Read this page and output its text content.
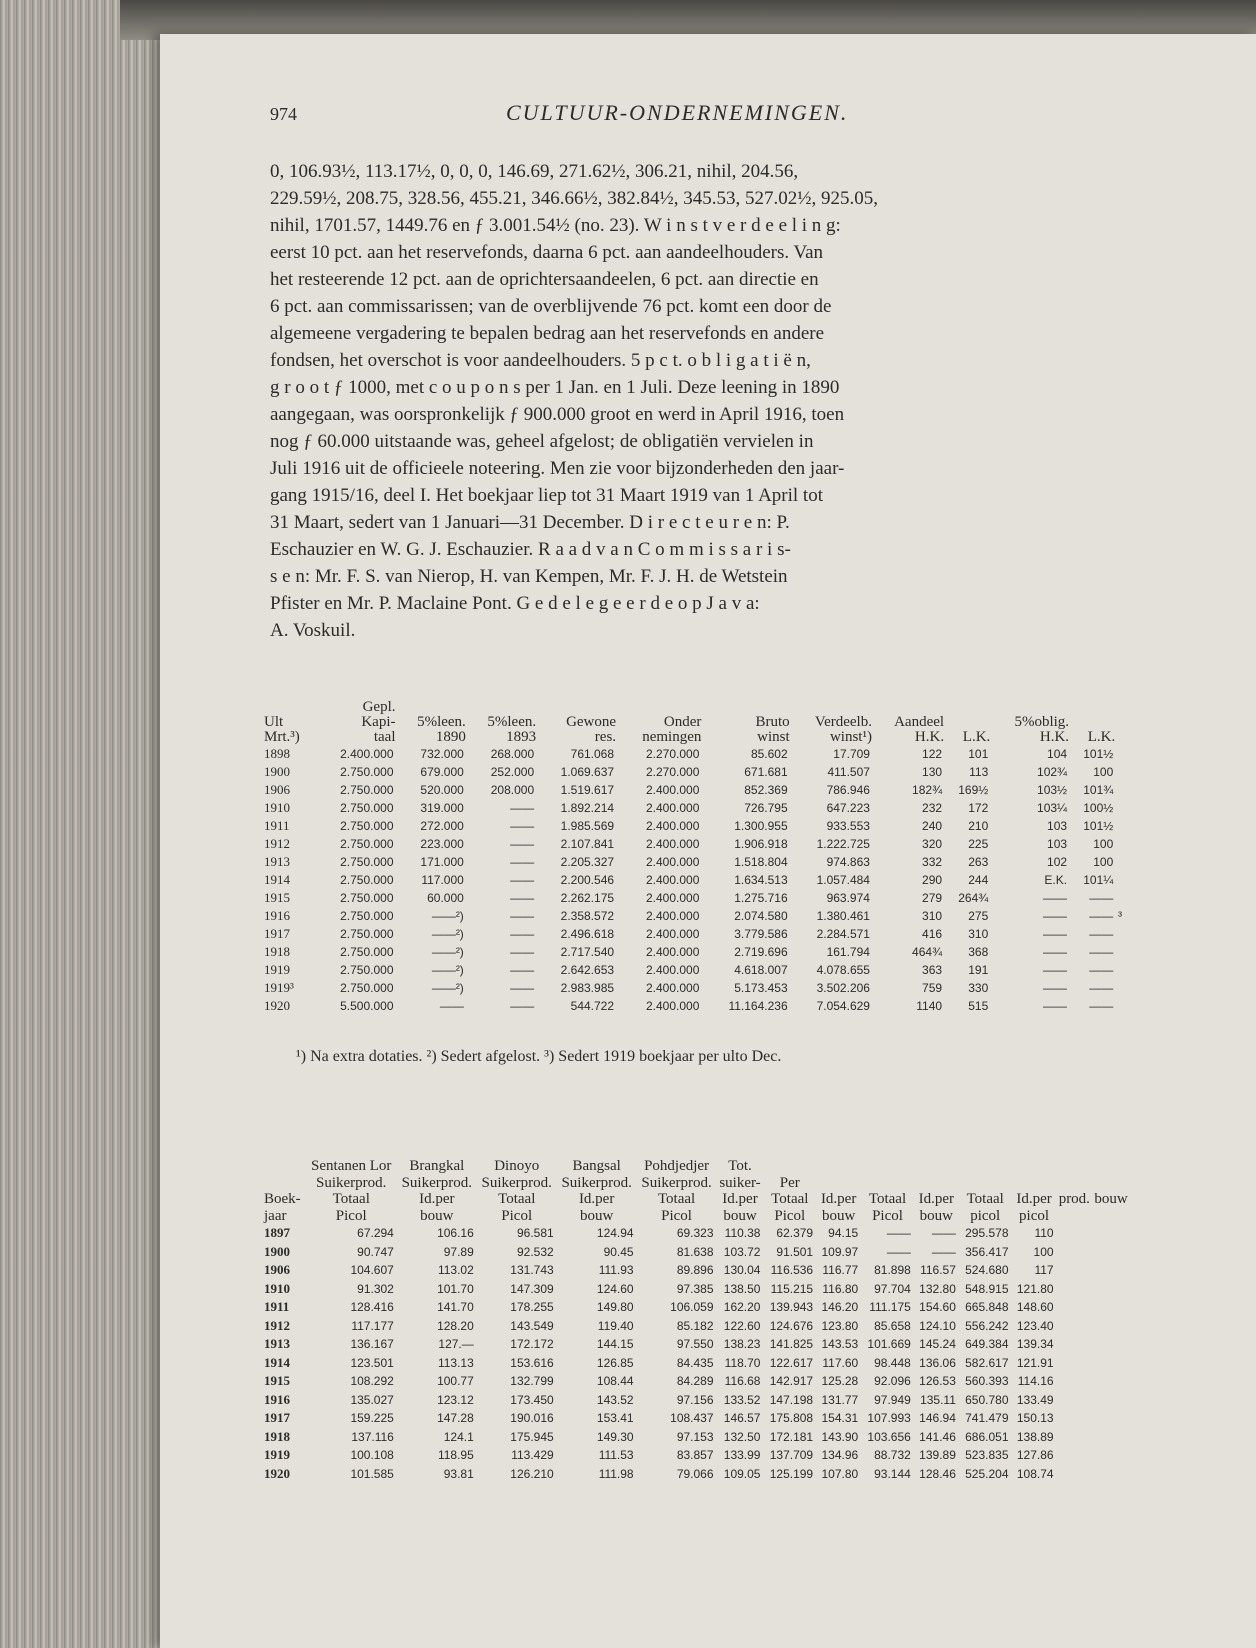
974	CULTUUR-ONDERNEMINGEN.
0, 106.93½, 113.17½, 0, 0, 0, 146.69, 271.62½, 306.21, nihil, 204.56,
229.59½, 208.75, 328.56, 455.21, 346.66½, 382.84½, 345.53, 527.02½, 925.05,
nihil, 1701.57, 1449.76 en ƒ 3.001.54½ (no. 23). W i n s t v e r d e e l i n g:
eerst 10 pct. aan het reservefonds, daarna 6 pct. aan aandeelhouders. Van
het resteerende 12 pct. aan de oprichtersaandeelen, 6 pct. aan directie en
6 pct. aan commissarissen; van de overblijvende 76 pct. komt een door de
algemeene vergadering te bepalen bedrag aan het reservefonds en andere
fondsen, het overschot is voor aandeelhouders. 5 p c t. o b l i g a t i ë n,
g r o o t ƒ 1000, met c o u p o n s per 1 Jan. en 1 Juli. Deze leening in 1890
aangegaan, was oorspronkelijk ƒ 900.000 groot en werd in April 1916, toen
nog ƒ 60.000 uitstaande was, geheel afgelost; de obligatiën vervielen in
Juli 1916 uit de officieele noteering. Men zie voor bijzonderheden den jaar-
gang 1915/16, deel I. Het boekjaar liep tot 31 Maart 1919 van 1 April tot
31 Maart, sedert van 1 Januari—31 December. D i r e c t e u r e n: P.
Eschauzier en W. G. J. Eschauzier. R a a d v a n C o m m i s s a r i s-
s e n: Mr. F. S. van Nierop, H. van Kempen, Mr. F. J. H. de Wetstein
Pfister en Mr. P. Maclaine Pont. G e d e l e g e e r d e o p J a v a:
A. Voskuil.
	Gepl.											
Ult	Kapi-	5%leen.	5%leen.	Gewone	Onder	Bruto	Verdeelb.	Aandeel		5%oblig.		
Mrt.³)	taal	1890	1893	res.	nemingen	winst	winst¹)	H.K.	L.K.	H.K.	L.K.	
1898	2.400.000	732.000	268.000	761.068	2.270.000	85.602	17.709	122	101	104	101½	
1900	2.750.000	679.000	252.000	1.069.637	2.270.000	671.681	411.507	130	113	102¾	100	
1906	2.750.000	520.000	208.000	1.519.617	2.400.000	852.369	786.946	182¾	169½	103½	101¾	
1910	2.750.000	319.000	——	1.892.214	2.400.000	726.795	647.223	232	172	103¼	100½	
1911	2.750.000	272.000	——	1.985.569	2.400.000	1.300.955	933.553	240	210	103	101½	
1912	2.750.000	223.000	——	2.107.841	2.400.000	1.906.918	1.222.725	320	225	103	100	
1913	2.750.000	171.000	——	2.205.327	2.400.000	1.518.804	974.863	332	263	102	100	
1914	2.750.000	117.000	——	2.200.546	2.400.000	1.634.513	1.057.484	290	244	E.K.	101¼	
1915	2.750.000	60.000	——	2.262.175	2.400.000	1.275.716	963.974	279	264¾	——	——	
1916	2.750.000	——²)	——	2.358.572	2.400.000	2.074.580	1.380.461	310	275	——	——	³
1917	2.750.000	——²)	——	2.496.618	2.400.000	3.779.586	2.284.571	416	310	——	——	
1918	2.750.000	——²)	——	2.717.540	2.400.000	2.719.696	161.794	464¾	368	——	——	
1919	2.750.000	——²)	——	2.642.653	2.400.000	4.618.007	4.078.655	363	191	——	——	
1919³	2.750.000	——²)	——	2.983.985	2.400.000	5.173.453	3.502.206	759	330	——	——	
1920	5.500.000	——	——	544.722	2.400.000	11.164.236	7.054.629	1140	515	——	——	
¹) Na extra dotaties. ²) Sedert afgelost. ³) Sedert 1919 boekjaar per ulto Dec.
	Sentanen Lor	Brangkal	Dinoyo	Bangsal	Pohdjedjer	Tot.								
	Suikerprod.	Suikerprod.	Suikerprod.	Suikerprod.	Suikerprod.	suiker-	Per							
Boek-	Totaal	Id.per	Totaal	Id.per	Totaal	Id.per	Totaal	Id.per	Totaal	Id.per	Totaal	Id.per	prod.	bouw
jaar	Picol	bouw	Picol	bouw	Picol	bouw	Picol	bouw	Picol	bouw	picol	picol		
1897	67.294	106.16	96.581	124.94	69.323	110.38	62.379	94.15	——	——	295.578	110		
1900	90.747	97.89	92.532	90.45	81.638	103.72	91.501	109.97	——	——	356.417	100		
1906	104.607	113.02	131.743	111.93	89.896	130.04	116.536	116.77	81.898	116.57	524.680	117		
1910	91.302	101.70	147.309	124.60	97.385	138.50	115.215	116.80	97.704	132.80	548.915	121.80		
1911	128.416	141.70	178.255	149.80	106.059	162.20	139.943	146.20	111.175	154.60	665.848	148.60		
1912	117.177	128.20	143.549	119.40	85.182	122.60	124.676	123.80	85.658	124.10	556.242	123.40		
1913	136.167	127.—	172.172	144.15	97.550	138.23	141.825	143.53	101.669	145.24	649.384	139.34		
1914	123.501	113.13	153.616	126.85	84.435	118.70	122.617	117.60	98.448	136.06	582.617	121.91		
1915	108.292	100.77	132.799	108.44	84.289	116.68	142.917	125.28	92.096	126.53	560.393	114.16		
1916	135.027	123.12	173.450	143.52	97.156	133.52	147.198	131.77	97.949	135.11	650.780	133.49		
1917	159.225	147.28	190.016	153.41	108.437	146.57	175.808	154.31	107.993	146.94	741.479	150.13		
1918	137.116	124.1	175.945	149.30	97.153	132.50	172.181	143.90	103.656	141.46	686.051	138.89		
1919	100.108	118.95	113.429	111.53	83.857	133.99	137.709	134.96	88.732	139.89	523.835	127.86		
1920	101.585	93.81	126.210	111.98	79.066	109.05	125.199	107.80	93.144	128.46	525.204	108.74		
